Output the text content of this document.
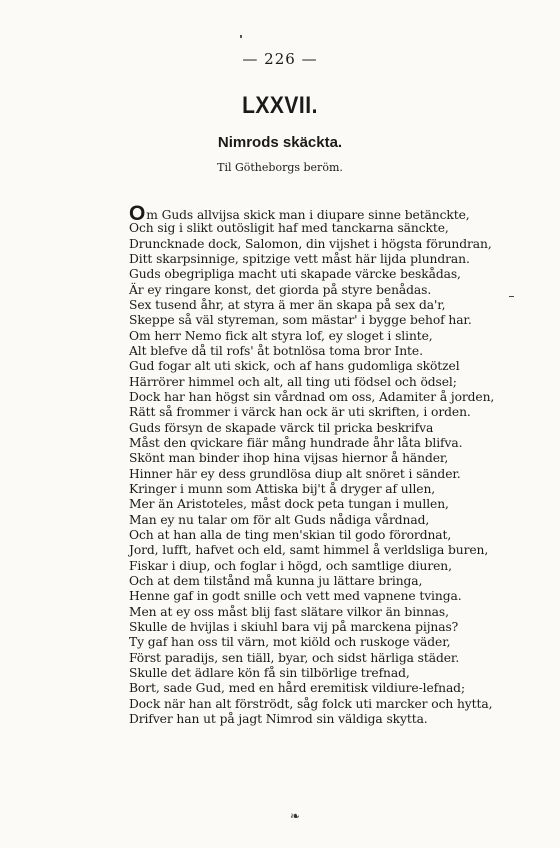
— 226 —
LXXVII.
Nimrods skäckta.
Til Götheborgs beröm.
Om Guds allvijsa skick man i diupare sinne betänckte,
Och sig i slikt outösligit haf med tanckarna sänckte,
Druncknade dock, Salomon, din vijshet i högsta förundran,
Ditt skarpsinnige, spitzige vett måst här lijda plundran.
Guds obegripliga macht uti skapade värcke beskådas,
Är ey ringare konst, det giorda på styre benådas.
Sex tusend åhr, at styra ä mer än skapa på sex da'r,
Skeppe så väl styreman, som mästar' i bygge behof har.
Om herr Nemo fick alt styra lof, ey sloget i slinte,
Alt blefve då til rofs' åt botnlösa toma bror Inte.
Gud fogar alt uti skick, och af hans gudomliga skötzel
Härrörer himmel och alt, all ting uti födsel och ödsel;
Dock har han högst sin vårdnad om oss, Adamiter å jorden,
Rätt så frommer i värck han ock är uti skriften, i orden.
Guds försyn de skapade värck til pricka beskrifva
Måst den qvickare fiär mång hundrade åhr låta blifva.
Skönt man binder ihop hina vijsas hiernor å händer,
Hinner här ey dess grundlösa diup alt snöret i sänder.
Kringer i munn som Attiska bij't å dryger af ullen,
Mer än Aristoteles, måst dock peta tungan i mullen,
Man ey nu talar om för alt Guds nådiga vårdnad,
Och at han alla de ting men'skian til godo förordnat,
Jord, lufft, hafvet och eld, samt himmel å verldsliga buren,
Fiskar i diup, och foglar i högd, och samtlige diuren,
Och at dem tilstånd må kunna ju lättare bringa,
Henne gaf in godt snille och vett med vapnene tvinga.
Men at ey oss måst blij fast slätare vilkor än binnas,
Skulle de hvijlas i skiuhl bara vij på marckena pijnas?
Ty gaf han oss til värn, mot kiöld och ruskoge väder,
Först paradijs, sen tiäll, byar, och sidst härliga städer.
Skulle det ädlare kön få sin tilbörlige trefnad,
Bort, sade Gud, med en hård eremitisk vildiure-lefnad;
Dock när han alt förströdt, såg folck uti marcker och hytta,
Drifver han ut på jagt Nimrod sin väldiga skytta.
❧
